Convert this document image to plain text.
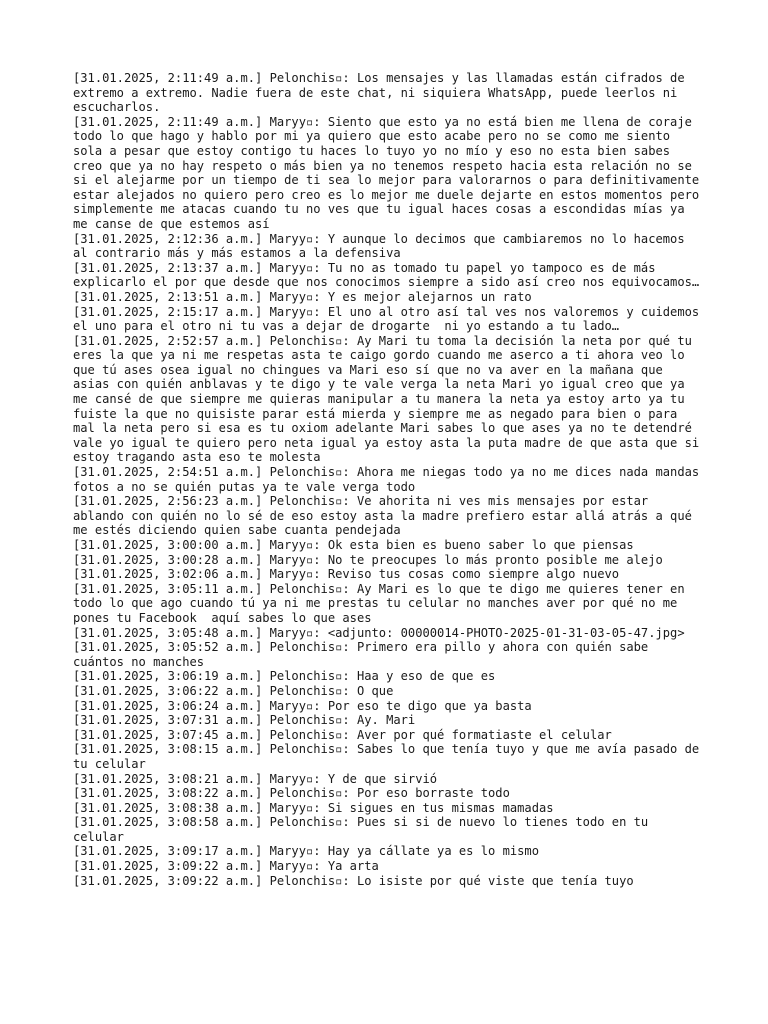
[31.01.2025, 2:11:49 a.m.] Pelonchis▫: Los mensajes y las llamadas están cifrados de extremo a extremo. Nadie fuera de este chat, ni siquiera WhatsApp, puede leerlos ni escucharlos.

[31.01.2025, 2:11:49 a.m.] Maryy▫: Siento que esto ya no está bien me llena de coraje todo lo que hago y hablo por mi ya quiero que esto acabe pero no se como me siento sola a pesar que estoy contigo tu haces lo tuyo yo no mío y eso no esta bien sabes creo que ya no hay respeto o más bien ya no tenemos respeto hacia esta relación no se si el alejarme por un tiempo de ti sea lo mejor para valorarnos o para definitivamente estar alejados no quiero pero creo es lo mejor me duele dejarte en estos momentos pero simplemente me atacas cuando tu no ves que tu igual haces cosas a escondidas mías ya me canse de que estemos así

[31.01.2025, 2:12:36 a.m.] Maryy▫: Y aunque lo decimos que cambiaremos no lo hacemos al contrario más y más estamos a la defensiva

[31.01.2025, 2:13:37 a.m.] Maryy▫: Tu no as tomado tu papel yo tampoco es de más explicarlo el por que desde que nos conocimos siempre a sido así creo nos equivocamos…

[31.01.2025, 2:13:51 a.m.] Maryy▫: Y es mejor alejarnos un rato

[31.01.2025, 2:15:17 a.m.] Maryy▫: El uno al otro así tal ves nos valoremos y cuidemos el uno para el otro ni tu vas a dejar de drogarte  ni yo estando a tu lado…

[31.01.2025, 2:52:57 a.m.] Pelonchis▫: Ay Mari tu toma la decisión la neta por qué tu eres la que ya ni me respetas asta te caigo gordo cuando me aserco a ti ahora veo lo que tú ases osea igual no chingues va Mari eso sí que no va aver en la mañana que asias con quién anblavas y te digo y te vale verga la neta Mari yo igual creo que ya me cansé de que siempre me quieras manipular a tu manera la neta ya estoy arto ya tu fuiste la que no quisiste parar está mierda y siempre me as negado para bien o para mal la neta pero si esa es tu oxiom adelante Mari sabes lo que ases ya no te detendré vale yo igual te quiero pero neta igual ya estoy asta la puta madre de que asta que si estoy tragando asta eso te molesta

[31.01.2025, 2:54:51 a.m.] Pelonchis▫: Ahora me niegas todo ya no me dices nada mandas fotos a no se quién putas ya te vale verga todo

[31.01.2025, 2:56:23 a.m.] Pelonchis▫: Ve ahorita ni ves mis mensajes por estar ablando con quién no lo sé de eso estoy asta la madre prefiero estar allá atrás a qué me estés diciendo quien sabe cuanta pendejada

[31.01.2025, 3:00:00 a.m.] Maryy▫: Ok esta bien es bueno saber lo que piensas

[31.01.2025, 3:00:28 a.m.] Maryy▫: No te preocupes lo más pronto posible me alejo

[31.01.2025, 3:02:06 a.m.] Maryy▫: Reviso tus cosas como siempre algo nuevo

[31.01.2025, 3:05:11 a.m.] Pelonchis▫: Ay Mari es lo que te digo me quieres tener en todo lo que ago cuando tú ya ni me prestas tu celular no manches aver por qué no me pones tu Facebook  aquí sabes lo que ases

[31.01.2025, 3:05:48 a.m.] Maryy▫: <adjunto: 00000014-PHOTO-2025-01-31-03-05-47.jpg>

[31.01.2025, 3:05:52 a.m.] Pelonchis▫: Primero era pillo y ahora con quién sabe cuántos no manches

[31.01.2025, 3:06:19 a.m.] Pelonchis▫: Haa y eso de que es

[31.01.2025, 3:06:22 a.m.] Pelonchis▫: O que

[31.01.2025, 3:06:24 a.m.] Maryy▫: Por eso te digo que ya basta

[31.01.2025, 3:07:31 a.m.] Pelonchis▫: Ay. Mari

[31.01.2025, 3:07:45 a.m.] Pelonchis▫: Aver por qué formatiaste el celular

[31.01.2025, 3:08:15 a.m.] Pelonchis▫: Sabes lo que tenía tuyo y que me avía pasado de tu celular

[31.01.2025, 3:08:21 a.m.] Maryy▫: Y de que sirvió

[31.01.2025, 3:08:22 a.m.] Pelonchis▫: Por eso borraste todo

[31.01.2025, 3:08:38 a.m.] Maryy▫: Si sigues en tus mismas mamadas

[31.01.2025, 3:08:58 a.m.] Pelonchis▫: Pues si si de nuevo lo tienes todo en tu celular

[31.01.2025, 3:09:17 a.m.] Maryy▫: Hay ya cállate ya es lo mismo

[31.01.2025, 3:09:22 a.m.] Maryy▫: Ya arta

[31.01.2025, 3:09:22 a.m.] Pelonchis▫: Lo isiste por qué viste que tenía tuyo
